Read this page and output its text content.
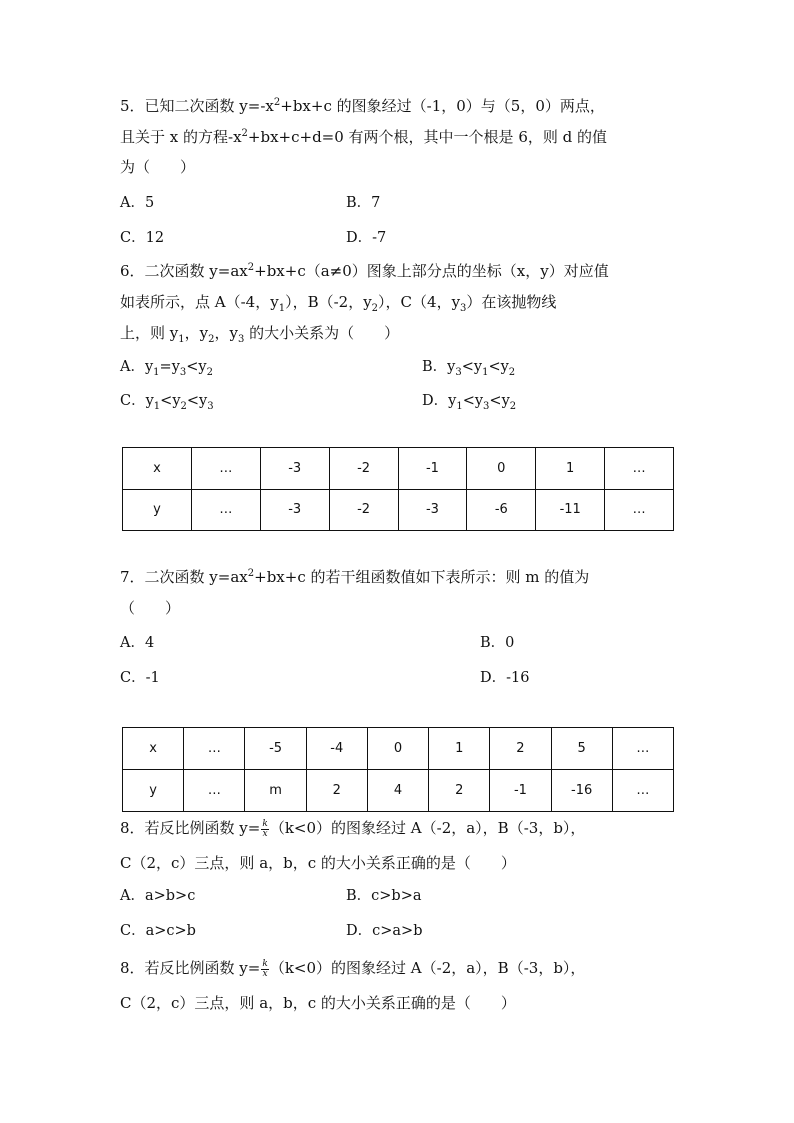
5．已知二次函数 $y=-x^2+bx+c$ 的图象经过（-1，0）与（5，0）两点，
且关于 x 的方程$-x^2+bx+c+d=0$ 有两个根，其中一个根是 6，则 d 的值
为（　　）
A．5	B．7
C．12	D．-7
6．二次函数 $y=ax^2+bx+c(a\ne 0)$图象上部分点的坐标（x，y）对应值
如表所示，点 A（-4，$y_1$），B（-2，$y_2$），C（4，$y_3$）在该抛物线
上，则 $y_1$，$y_2$，$y_3$ 的大小关系为（　　）
A．$y_1=y_3<y_2$	B．$y_3<y_1<y_2$
C．$y_1<y_2<y_3$	D．$y_1<y_3<y_2$
x	…	-3	-2	-1	0	1	…
y	…	-3	-2	-3	-6	-11	…
7．二次函数 $y=ax^2+bx+c$ 的若干组函数值如下表所示：则 m 的值为
（　　）
A．4	B．0
C．-1	D．-16
x	…	-5	-4	0	1	2	5	…
y	…	m	2	4	2	-1	-16	…
8．若反比例函数 $y= \frac{k}{x} (k<0)$的图象经过 A（-2，a），B（-3，b），
C（2，c）三点，则 a，b，c 的大小关系正确的是（　　）
A．a>b>c	B．c>b>a
C．a>c>b	D．c>a>b
8．若反比例函数 $y= \frac{k}{x} (k<0)$的图象经过 A（-2，a），B（-3，b），
C（2，c）三点，则 a，b，c 的大小关系正确的是（　　）
